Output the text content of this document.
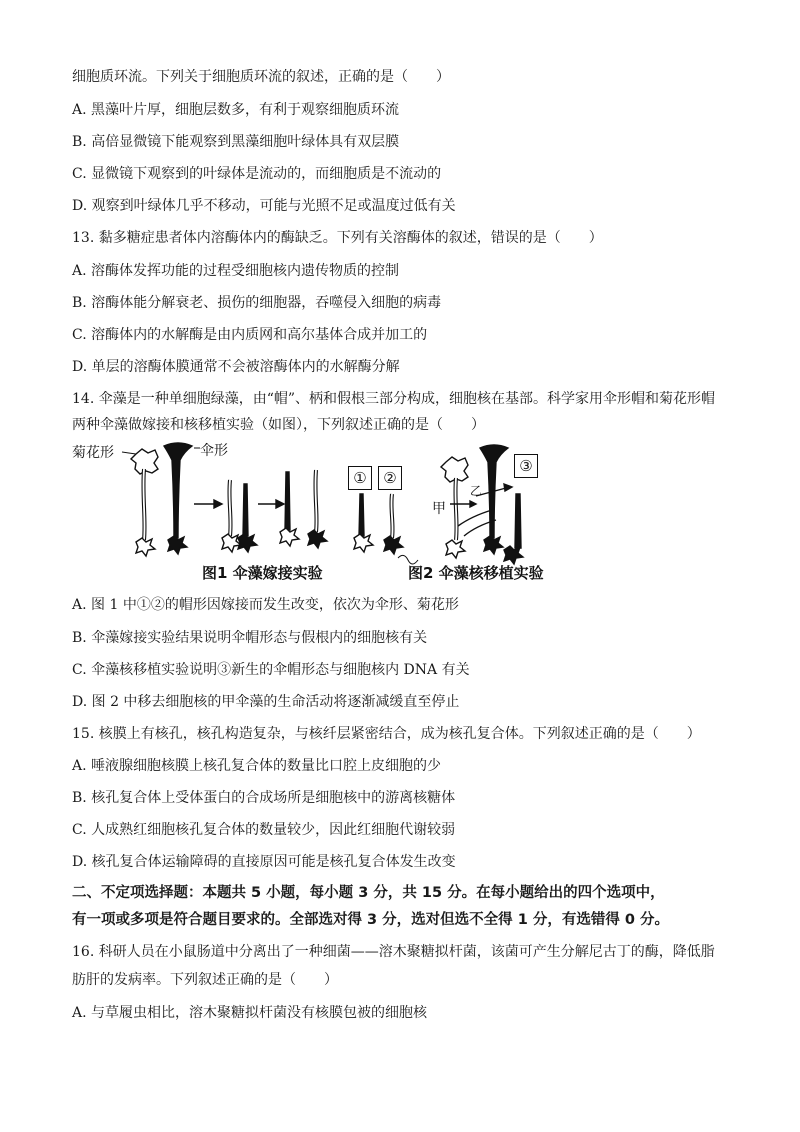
细胞质环流。下列关于细胞质环流的叙述，正确的是（　　）
A. 黑藻叶片厚，细胞层数多，有利于观察细胞质环流
B. 高倍显微镜下能观察到黑藻细胞叶绿体具有双层膜
C. 显微镜下观察到的叶绿体是流动的，而细胞质是不流动的
D. 观察到叶绿体几乎不移动，可能与光照不足或温度过低有关
13. 黏多糖症患者体内溶酶体内的酶缺乏。下列有关溶酶体的叙述，错误的是（　　）
A. 溶酶体发挥功能的过程受细胞核内遗传物质的控制
B. 溶酶体能分解衰老、损伤的细胞器，吞噬侵入细胞的病毒
C. 溶酶体内的水解酶是由内质网和高尔基体合成并加工的
D. 单层的溶酶体膜通常不会被溶酶体内的水解酶分解
14. 伞藻是一种单细胞绿藻，由“帽”、柄和假根三部分构成，细胞核在基部。科学家用伞形帽和菊花形帽
两种伞藻做嫁接和核移植实验（如图），下列叙述正确的是（　　）
菊花形	伞形
①	②
③
甲
乙
图1 伞藻嫁接实验	图2 伞藻核移植实验
A. 图 1 中①②的帽形因嫁接而发生改变，依次为伞形、菊花形
B. 伞藻嫁接实验结果说明伞帽形态与假根内的细胞核有关
C. 伞藻核移植实验说明③新生的伞帽形态与细胞核内 DNA 有关
D. 图 2 中移去细胞核的甲伞藻的生命活动将逐渐减缓直至停止
15. 核膜上有核孔，核孔构造复杂，与核纤层紧密结合，成为核孔复合体。下列叙述正确的是（　　）
A. 唾液腺细胞核膜上核孔复合体的数量比口腔上皮细胞的少
B. 核孔复合体上受体蛋白的合成场所是细胞核中的游离核糖体
C. 人成熟红细胞核孔复合体的数量较少，因此红细胞代谢较弱
D. 核孔复合体运输障碍的直接原因可能是核孔复合体发生改变
二、不定项选择题：本题共 5 小题，每小题 3 分，共 15 分。在每小题给出的四个选项中，
有一项或多项是符合题目要求的。全部选对得 3 分，选对但选不全得 1 分，有选错得 0 分。
16. 科研人员在小鼠肠道中分离出了一种细菌——溶木聚糖拟杆菌，该菌可产生分解尼古丁的酶，降低脂
肪肝的发病率。下列叙述正确的是（　　）
A. 与草履虫相比，溶木聚糖拟杆菌没有核膜包被的细胞核
